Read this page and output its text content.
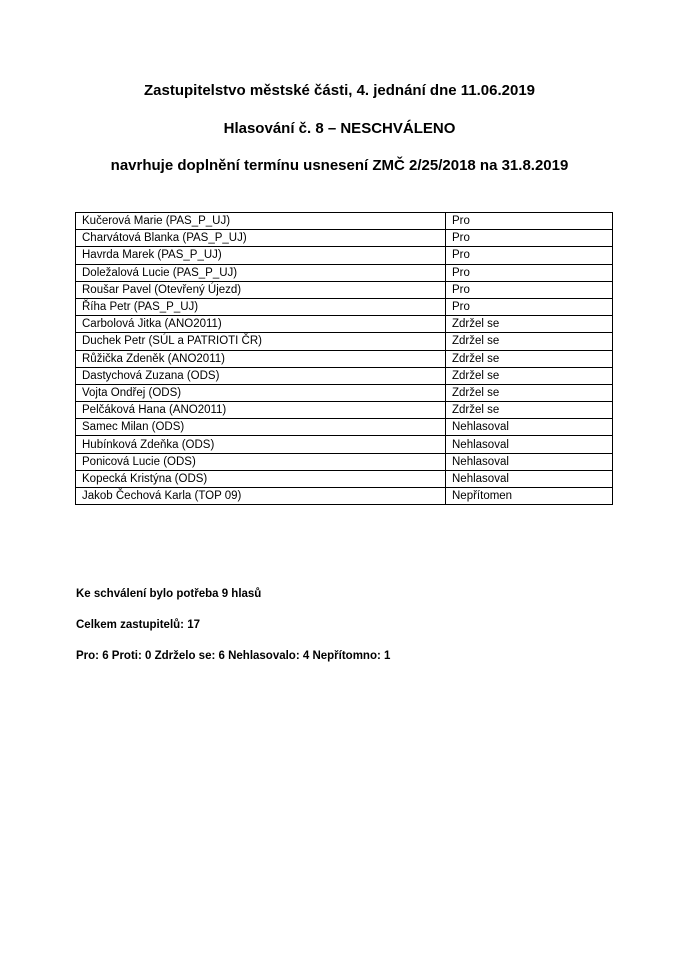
Zastupitelstvo městské části, 4. jednání dne 11.06.2019
Hlasování č. 8 – NESCHVÁLENO
navrhuje doplnění termínu usnesení ZMČ 2/25/2018 na 31.8.2019
Kučerová Marie (PAS_P_UJ)	Pro
Charvátová Blanka (PAS_P_UJ)	Pro
Havrda Marek (PAS_P_UJ)	Pro
Doležalová Lucie (PAS_P_UJ)	Pro
Roušar Pavel (Otevřený Újezd)	Pro
Říha Petr (PAS_P_UJ)	Pro
Carbolová Jitka (ANO2011)	Zdržel se
Duchek Petr (SÚL a PATRIOTI ČR)	Zdržel se
Růžička Zdeněk (ANO2011)	Zdržel se
Dastychová Zuzana (ODS)	Zdržel se
Vojta Ondřej (ODS)	Zdržel se
Pelčáková Hana (ANO2011)	Zdržel se
Samec Milan (ODS)	Nehlasoval
Hubínková Zdeňka (ODS)	Nehlasoval
Ponicová Lucie (ODS)	Nehlasoval
Kopecká Kristýna (ODS)	Nehlasoval
Jakob Čechová Karla (TOP 09)	Nepřítomen
Ke schválení bylo potřeba 9 hlasů
Celkem zastupitelů: 17
Pro: 6 Proti: 0 Zdrželo se: 6 Nehlasovalo: 4 Nepřítomno: 1
